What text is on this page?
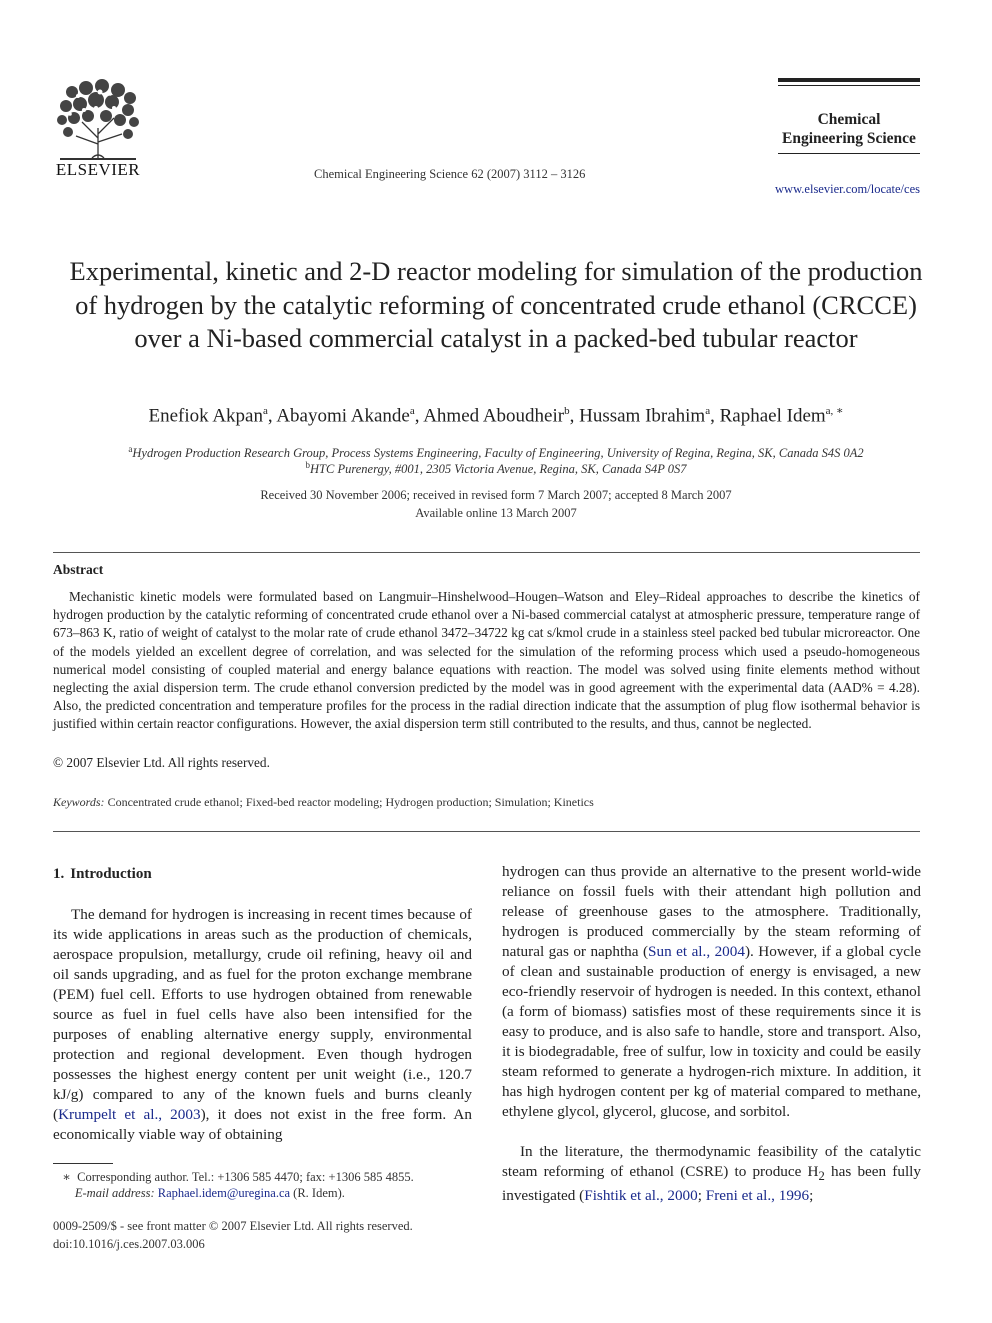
ELSEVIER	Chemical Engineering Science 62 (2007) 3112 – 3126
Chemical
Engineering Science
www.elsevier.com/locate/ces
Experimental, kinetic and 2-D reactor modeling for simulation of the production of hydrogen by the catalytic reforming of concentrated crude ethanol (CRCCE) over a Ni-based commercial catalyst in a packed-bed tubular reactor
Enefiok Akpan$^a$, Abayomi Akande$^a$, Ahmed Aboudheir$^b$, Hussam Ibrahim$^a$, Raphael Idem$^{a, ∗}$
$^a$Hydrogen Production Research Group, Process Systems Engineering, Faculty of Engineering, University of Regina, Regina, SK, Canada S4S 0A2
$^b$HTC Purenergy, #001, 2305 Victoria Avenue, Regina, SK, Canada S4P 0S7
Received 30 November 2006; received in revised form 7 March 2007; accepted 8 March 2007
Available online 13 March 2007
Abstract
Mechanistic kinetic models were formulated based on Langmuir–Hinshelwood–Hougen–Watson and Eley–Rideal approaches to describe the kinetics of hydrogen production by the catalytic reforming of concentrated crude ethanol over a Ni-based commercial catalyst at atmospheric pressure, temperature range of 673–863 K, ratio of weight of catalyst to the molar rate of crude ethanol 3472–34722 kg cat s/kmol crude in a stainless steel packed bed tubular microreactor. One of the models yielded an excellent degree of correlation, and was selected for the simulation of the reforming process which used a pseudo-homogeneous numerical model consisting of coupled material and energy balance equations with reaction. The model was solved using finite elements method without neglecting the axial dispersion term. The crude ethanol conversion predicted by the model was in good agreement with the experimental data (AAD% = 4.28). Also, the predicted concentration and temperature profiles for the process in the radial direction indicate that the assumption of plug flow isothermal behavior is justified within certain reactor configurations. However, the axial dispersion term still contributed to the results, and thus, cannot be neglected.
© 2007 Elsevier Ltd. All rights reserved.
Keywords: Concentrated crude ethanol; Fixed-bed reactor modeling; Hydrogen production; Simulation; Kinetics
1. Introduction
The demand for hydrogen is increasing in recent times because of its wide applications in areas such as the production of chemicals, aerospace propulsion, metallurgy, crude oil refining, heavy oil and oil sands upgrading, and as fuel for the proton exchange membrane (PEM) fuel cell. Efforts to use hydrogen obtained from renewable source as fuel in fuel cells have also been intensified for the purposes of enabling alternative energy supply, environmental protection and regional development. Even though hydrogen possesses the highest energy content per unit weight (i.e., 120.7 kJ/g) compared to any of the known fuels and burns cleanly (Krumpelt et al., 2003), it does not exist in the free form. An economically viable way of obtaining
hydrogen can thus provide an alternative to the present world-wide reliance on fossil fuels with their attendant high pollution and release of greenhouse gases to the atmosphere. Traditionally, hydrogen is produced commercially by the steam reforming of natural gas or naphtha (Sun et al., 2004). However, if a global cycle of clean and sustainable production of energy is envisaged, a new eco-friendly reservoir of hydrogen is needed. In this context, ethanol (a form of biomass) satisfies most of these requirements since it is easy to produce, and is also safe to handle, store and transport. Also, it is biodegradable, free of sulfur, low in toxicity and could be easily steam reformed to generate a hydrogen-rich mixture. In addition, it has high hydrogen content per kg of material compared to methane, ethylene glycol, glycerol, glucose, and sorbitol.
In the literature, the thermodynamic feasibility of the catalytic steam reforming of ethanol (CSRE) to produce $H_2$ has been fully investigated (Fishtik et al., 2000; Freni et al., 1996;
∗ Corresponding author. Tel.: +1306 585 4470; fax: +1306 585 4855.
E-mail address: Raphael.idem@uregina.ca (R. Idem).
0009-2509/$ - see front matter © 2007 Elsevier Ltd. All rights reserved.
doi:10.1016/j.ces.2007.03.006
